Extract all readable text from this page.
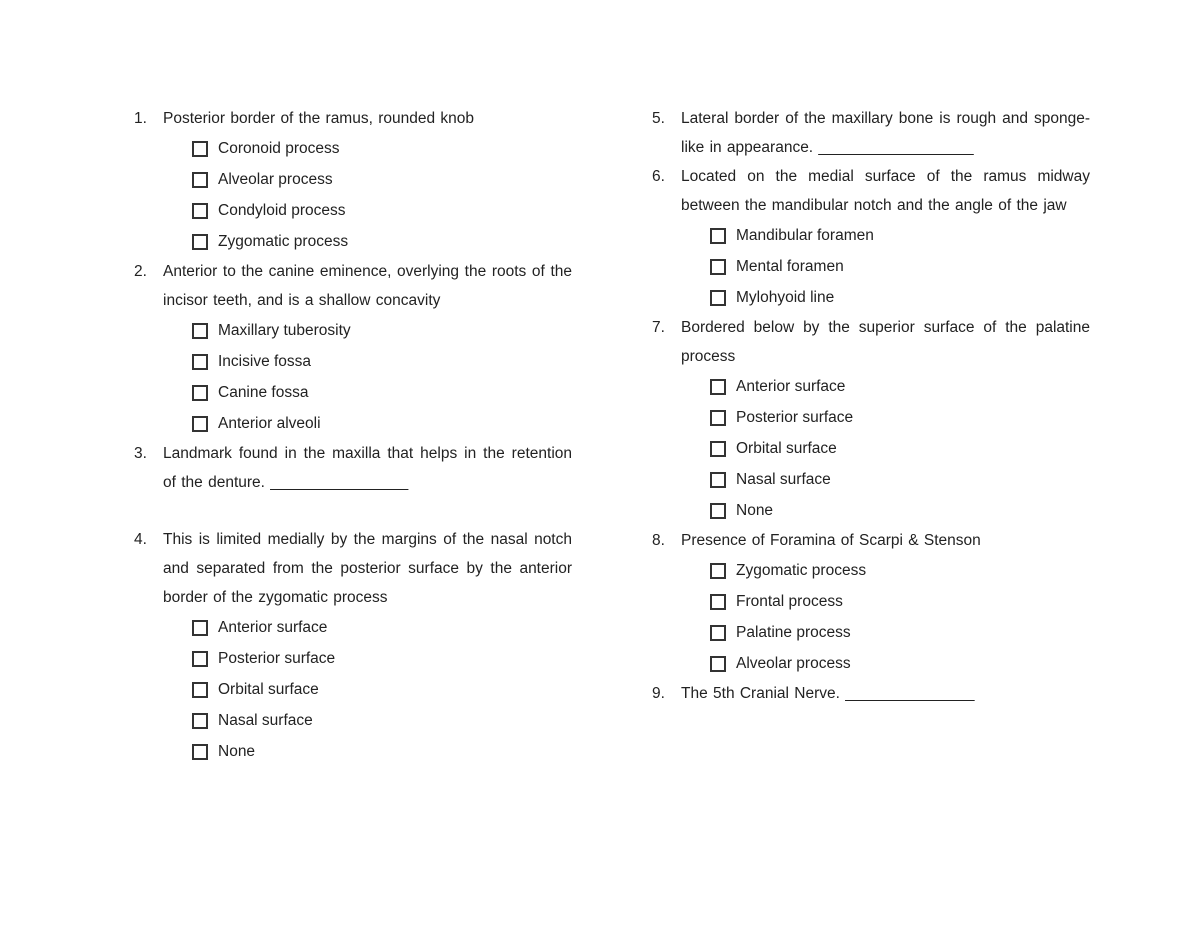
1. Posterior border of the ramus, rounded knob
Coronoid process
Alveolar process
Condyloid process
Zygomatic process
2. Anterior to the canine eminence, overlying the roots of the incisor teeth, and is a shallow concavity
Maxillary tuberosity
Incisive fossa
Canine fossa
Anterior alveoli
3. Landmark found in the maxilla that helps in the retention of the denture. ________________
4. This is limited medially by the margins of the nasal notch and separated from the posterior surface by the anterior border of the zygomatic process
Anterior surface
Posterior surface
Orbital surface
Nasal surface
None
5. Lateral border of the maxillary bone is rough and sponge-like in appearance. __________________
6. Located on the medial surface of the ramus midway between the mandibular notch and the angle of the jaw
Mandibular foramen
Mental foramen
Mylohyoid line
7. Bordered below by the superior surface of the palatine process
Anterior surface
Posterior surface
Orbital surface
Nasal surface
None
8. Presence of Foramina of Scarpi & Stenson
Zygomatic process
Frontal process
Palatine process
Alveolar process
9. The 5th Cranial Nerve. _______________
